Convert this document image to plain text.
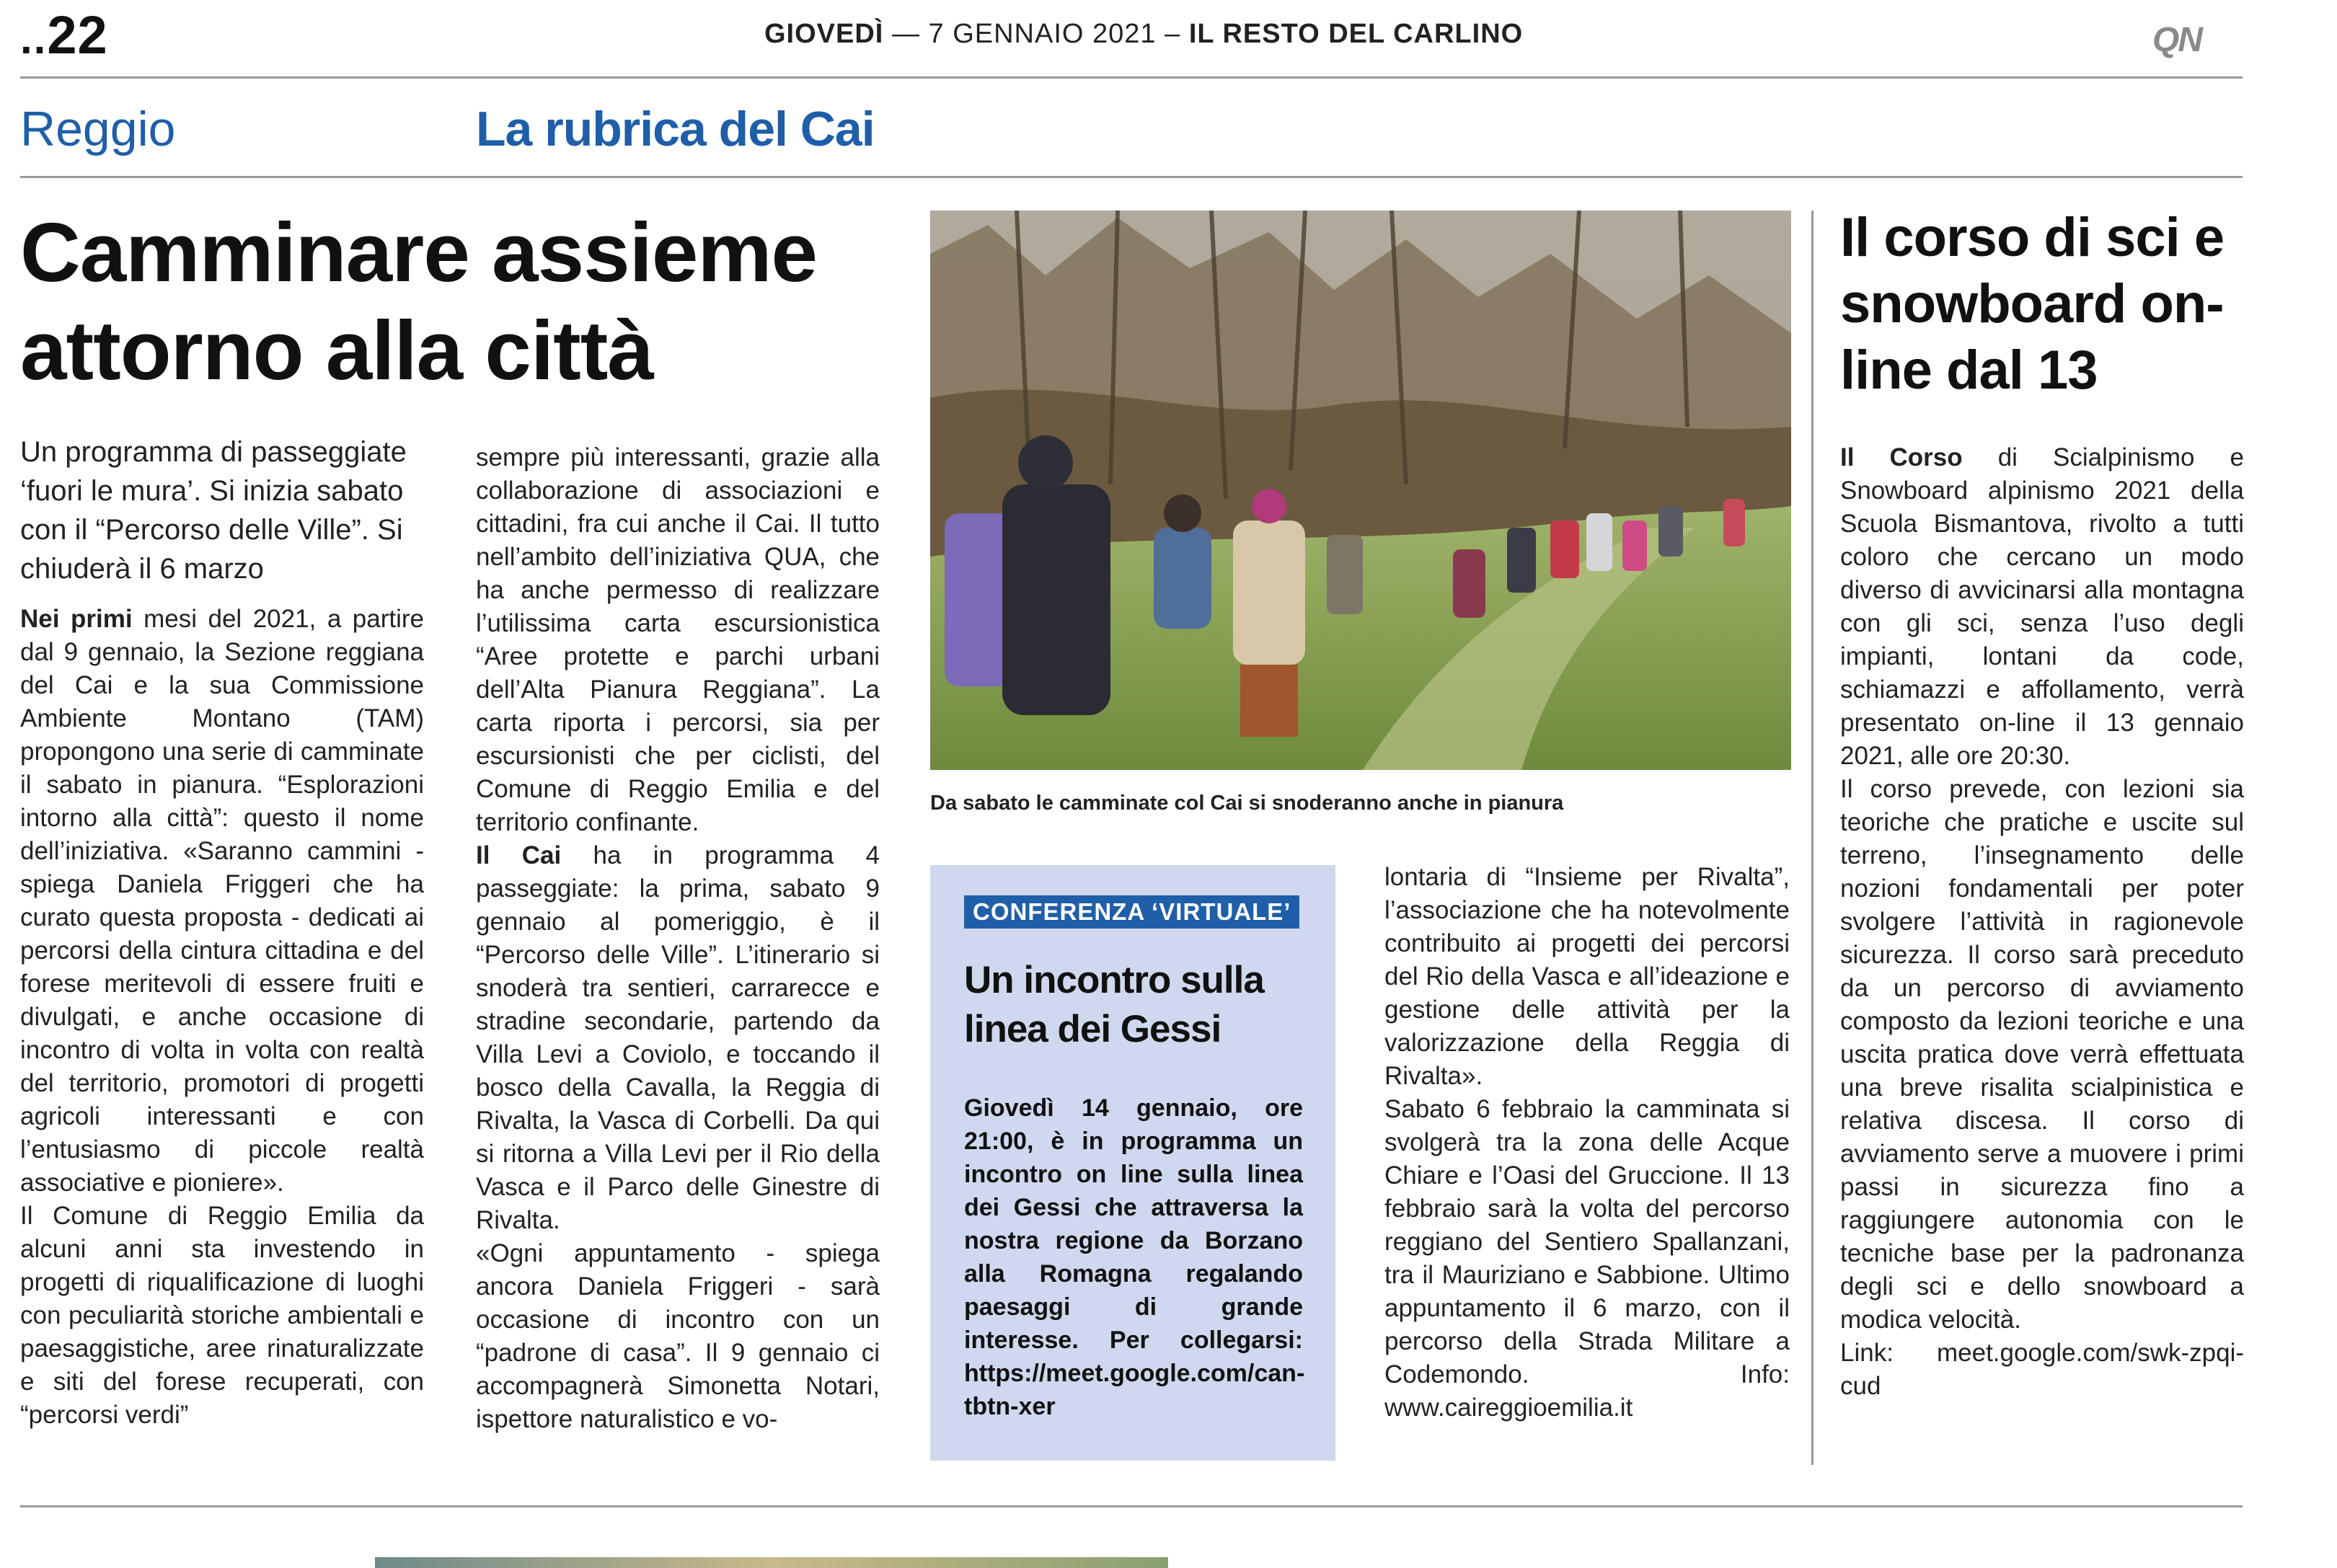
..22	GIOVEDÌ — 7 GENNAIO 2021 – IL RESTO DEL CARLINO	QN
Reggio	La rubrica del Cai
Camminare assieme
attorno alla città
Un programma di passeggiate ‘fuori le mura’. Si inizia sabato con il “Percorso delle Ville”. Si chiuderà il 6 marzo

Nei primi mesi del 2021, a partire dal 9 gennaio, la Sezione reggiana del Cai e la sua Commissione Ambiente Montano (TAM) propongono una serie di camminate il sabato in pianura. “Esplorazioni intorno alla città”: questo il nome dell’iniziativa. «Saranno cammini - spiega Daniela Friggeri che ha curato questa proposta - dedicati ai percorsi della cintura cittadina e del forese meritevoli di essere fruiti e divulgati, e anche occasione di incontro di volta in volta con realtà del territorio, promotori di progetti agricoli interessanti e con l’entusiasmo di piccole realtà associative e pioniere».

Il Comune di Reggio Emilia da alcuni anni sta investendo in progetti di riqualificazione di luoghi con peculiarità storiche ambientali e paesaggistiche, aree rinaturalizzate e siti del forese recuperati, con “percorsi verdi”

sempre più interessanti, grazie alla collaborazione di associazioni e cittadini, fra cui anche il Cai. Il tutto nell’ambito dell’iniziativa QUA, che ha anche permesso di realizzare l’utilissima carta escursionistica “Aree protette e parchi urbani dell’Alta Pianura Reggiana”. La carta riporta i percorsi, sia per escursionisti che per ciclisti, del Comune di Reggio Emilia e del territorio confinante.

Il Cai ha in programma 4 passeggiate: la prima, sabato 9 gennaio al pomeriggio, è il “Percorso delle Ville”. L’itinerario si snoderà tra sentieri, carrarecce e stradine secondarie, partendo da Villa Levi a Coviolo, e toccando il bosco della Cavalla, la Reggia di Rivalta, la Vasca di Corbelli. Da qui si ritorna a Villa Levi per il Rio della Vasca e il Parco delle Ginestre di Rivalta.

«Ogni appuntamento - spiega ancora Daniela Friggeri - sarà occasione di incontro con un “padrone di casa”. Il 9 gennaio ci accompagnerà Simonetta Notari, ispettore naturalistico e vo-

Da sabato le camminate col Cai si snoderanno anche in pianura
CONFERENZA ‘VIRTUALE’
Un incontro sulla linea dei Gessi
Giovedì 14 gennaio, ore 21:00, è in programma un incontro on line sulla linea dei Gessi che attraversa la nostra regione da Borzano alla Romagna regalando paesaggi di grande interesse. Per collegarsi: https://meet.google.com/can-tbtn-xer

lontaria di “Insieme per Rivalta”, l’associazione che ha notevolmente contribuito ai progetti dei percorsi del Rio della Vasca e all’ideazione e gestione delle attività per la valorizzazione della Reggia di Rivalta».

Sabato 6 febbraio la camminata si svolgerà tra la zona delle Acque Chiare e l’Oasi del Gruccione. Il 13 febbraio sarà la volta del percorso reggiano del Sentiero Spallanzani, tra il Mauriziano e Sabbione. Ultimo appuntamento il 6 marzo, con il percorso della Strada Militare a Codemondo. Info: www.caireggioemilia.it

Il corso di sci e snowboard on-line dal 13

Il Corso di Scialpinismo e Snowboard alpinismo 2021 della Scuola Bismantova, rivolto a tutti coloro che cercano un modo diverso di avvicinarsi alla montagna con gli sci, senza l’uso degli impianti, lontani da code, schiamazzi e affollamento, verrà presentato on-line il 13 gennaio 2021, alle ore 20:30.

Il corso prevede, con lezioni sia teoriche che pratiche e uscite sul terreno, l’insegnamento delle nozioni fondamentali per poter svolgere l’attività in ragionevole sicurezza. Il corso sarà preceduto da un percorso di avviamento composto da lezioni teoriche e una uscita pratica dove verrà effettuata una breve risalita scialpinistica e relativa discesa. Il corso di avviamento serve a muovere i primi passi in sicurezza fino a raggiungere autonomia con le tecniche base per la padronanza degli sci e dello snowboard a modica velocità.

Link: meet.google.com/swk-zpqi-cud
